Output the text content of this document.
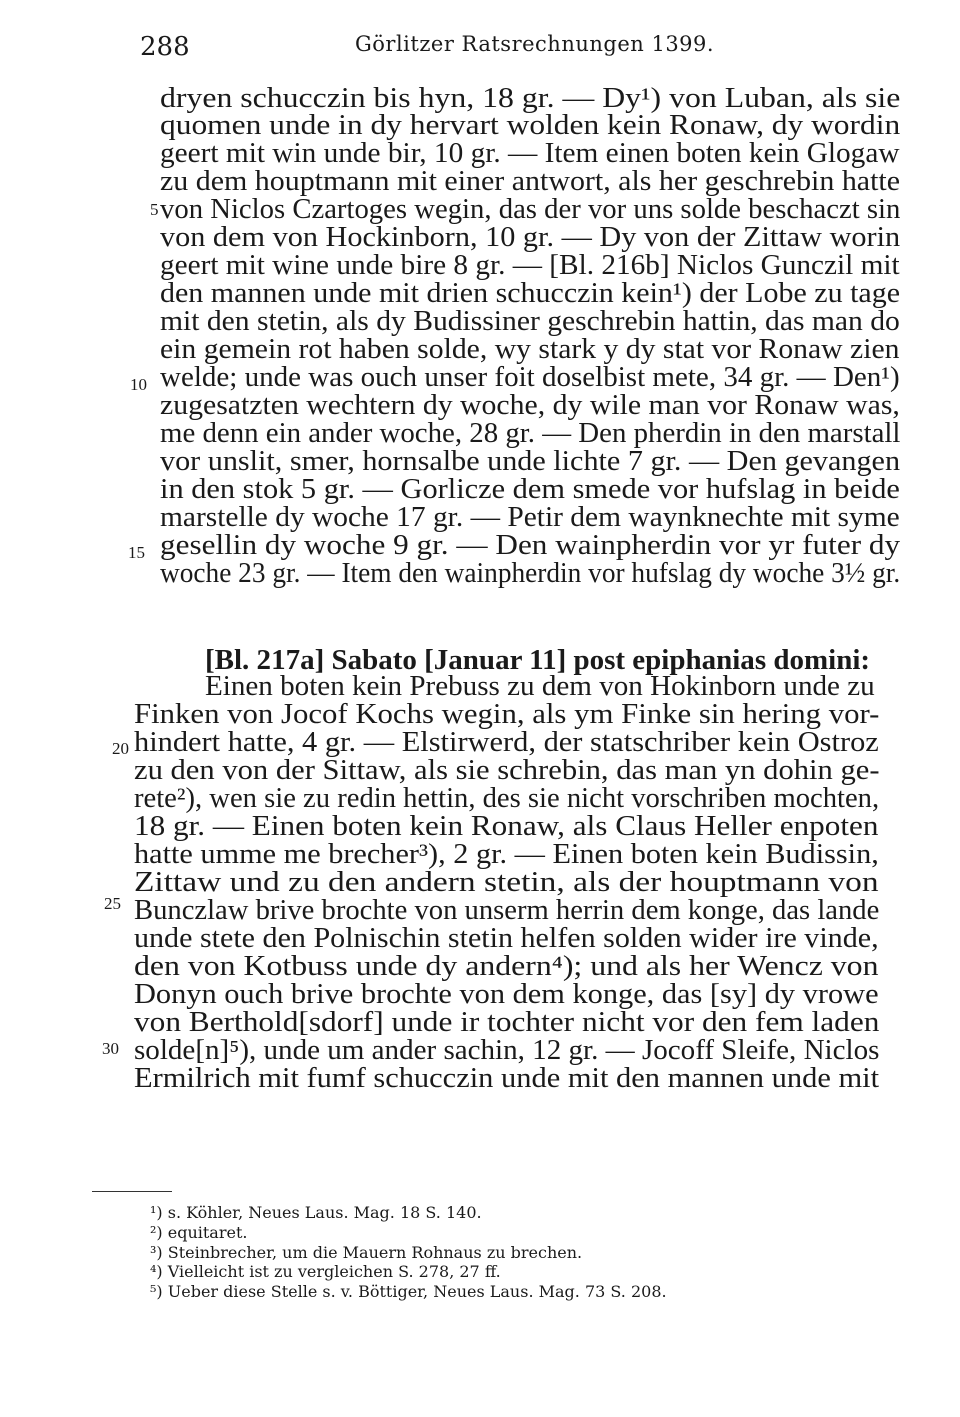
288	Görlitzer Ratsrechnungen 1399.
dryen schucczin bis hyn, 18 gr. — Dy¹) von Luban, als sie
quomen unde in dy hervart wolden kein Ronaw, dy wordin
geert mit win unde bir, 10 gr. — Item einen boten kein Glogaw
zu dem houptmann mit einer antwort, als her geschrebin hatte
von Niclos Czartoges wegin, das der vor uns solde beschaczt sin
von dem von Hockinborn, 10 gr. — Dy von der Zittaw worin
geert mit wine unde bire 8 gr. — [Bl. 216b] Niclos Gunczil mit
den mannen unde mit drien schucczin kein¹) der Lobe zu tage
mit den stetin, als dy Budissiner geschrebin hattin, das man do
ein gemein rot haben solde, wy stark y dy stat vor Ronaw zien
welde; unde was ouch unser foit doselbist mete, 34 gr. — Den¹)
zugesatzten wechtern dy woche, dy wile man vor Ronaw was,
me denn ein ander woche, 28 gr. — Den pherdin in den marstall
vor unslit, smer, hornsalbe unde lichte 7 gr. — Den gevangen
in den stok 5 gr. — Gorlicze dem smede vor hufslag in beide
marstelle dy woche 17 gr. — Petir dem waynknechte mit syme
gesellin dy woche 9 gr. — Den wainpherdin vor yr futer dy
woche 23 gr. — Item den wainpherdin vor hufslag dy woche 3½ gr.
[Bl. 217a] Sabato [Januar 11] post epiphanias domini:
Einen boten kein Prebuss zu dem von Hokinborn unde zu
Finken von Jocof Kochs wegin, als ym Finke sin hering vor-
hindert hatte, 4 gr. — Elstirwerd, der statschriber kein Ostroz
zu den von der Sittaw, als sie schrebin, das man yn dohin ge-
rete²), wen sie zu redin hettin, des sie nicht vorschriben mochten,
18 gr. — Einen boten kein Ronaw, als Claus Heller enpoten
hatte umme me brecher³), 2 gr. — Einen boten kein Budissin,
Zittaw und zu den andern stetin, als der houptmann von
Bunczlaw brive brochte von unserm herrin dem konge, das lande
unde stete den Polnischin stetin helfen solden wider ire vinde,
den von Kotbuss unde dy andern⁴); und als her Wencz von
Donyn ouch brive brochte von dem konge, das [sy] dy vrowe
von Berthold[sdorf] unde ir tochter nicht vor den fem laden
solde[n]⁵), unde um ander sachin, 12 gr. — Jocoff Sleife, Niclos
Ermilrich mit fumf schucczin unde mit den mannen unde mit
5
10
15
20
25
30
¹) s. Köhler, Neues Laus. Mag. 18 S. 140.
²) equitaret.
³) Steinbrecher, um die Mauern Rohnaus zu brechen.
⁴) Vielleicht ist zu vergleichen S. 278, 27 ff.
⁵) Ueber diese Stelle s. v. Böttiger, Neues Laus. Mag. 73 S. 208.
